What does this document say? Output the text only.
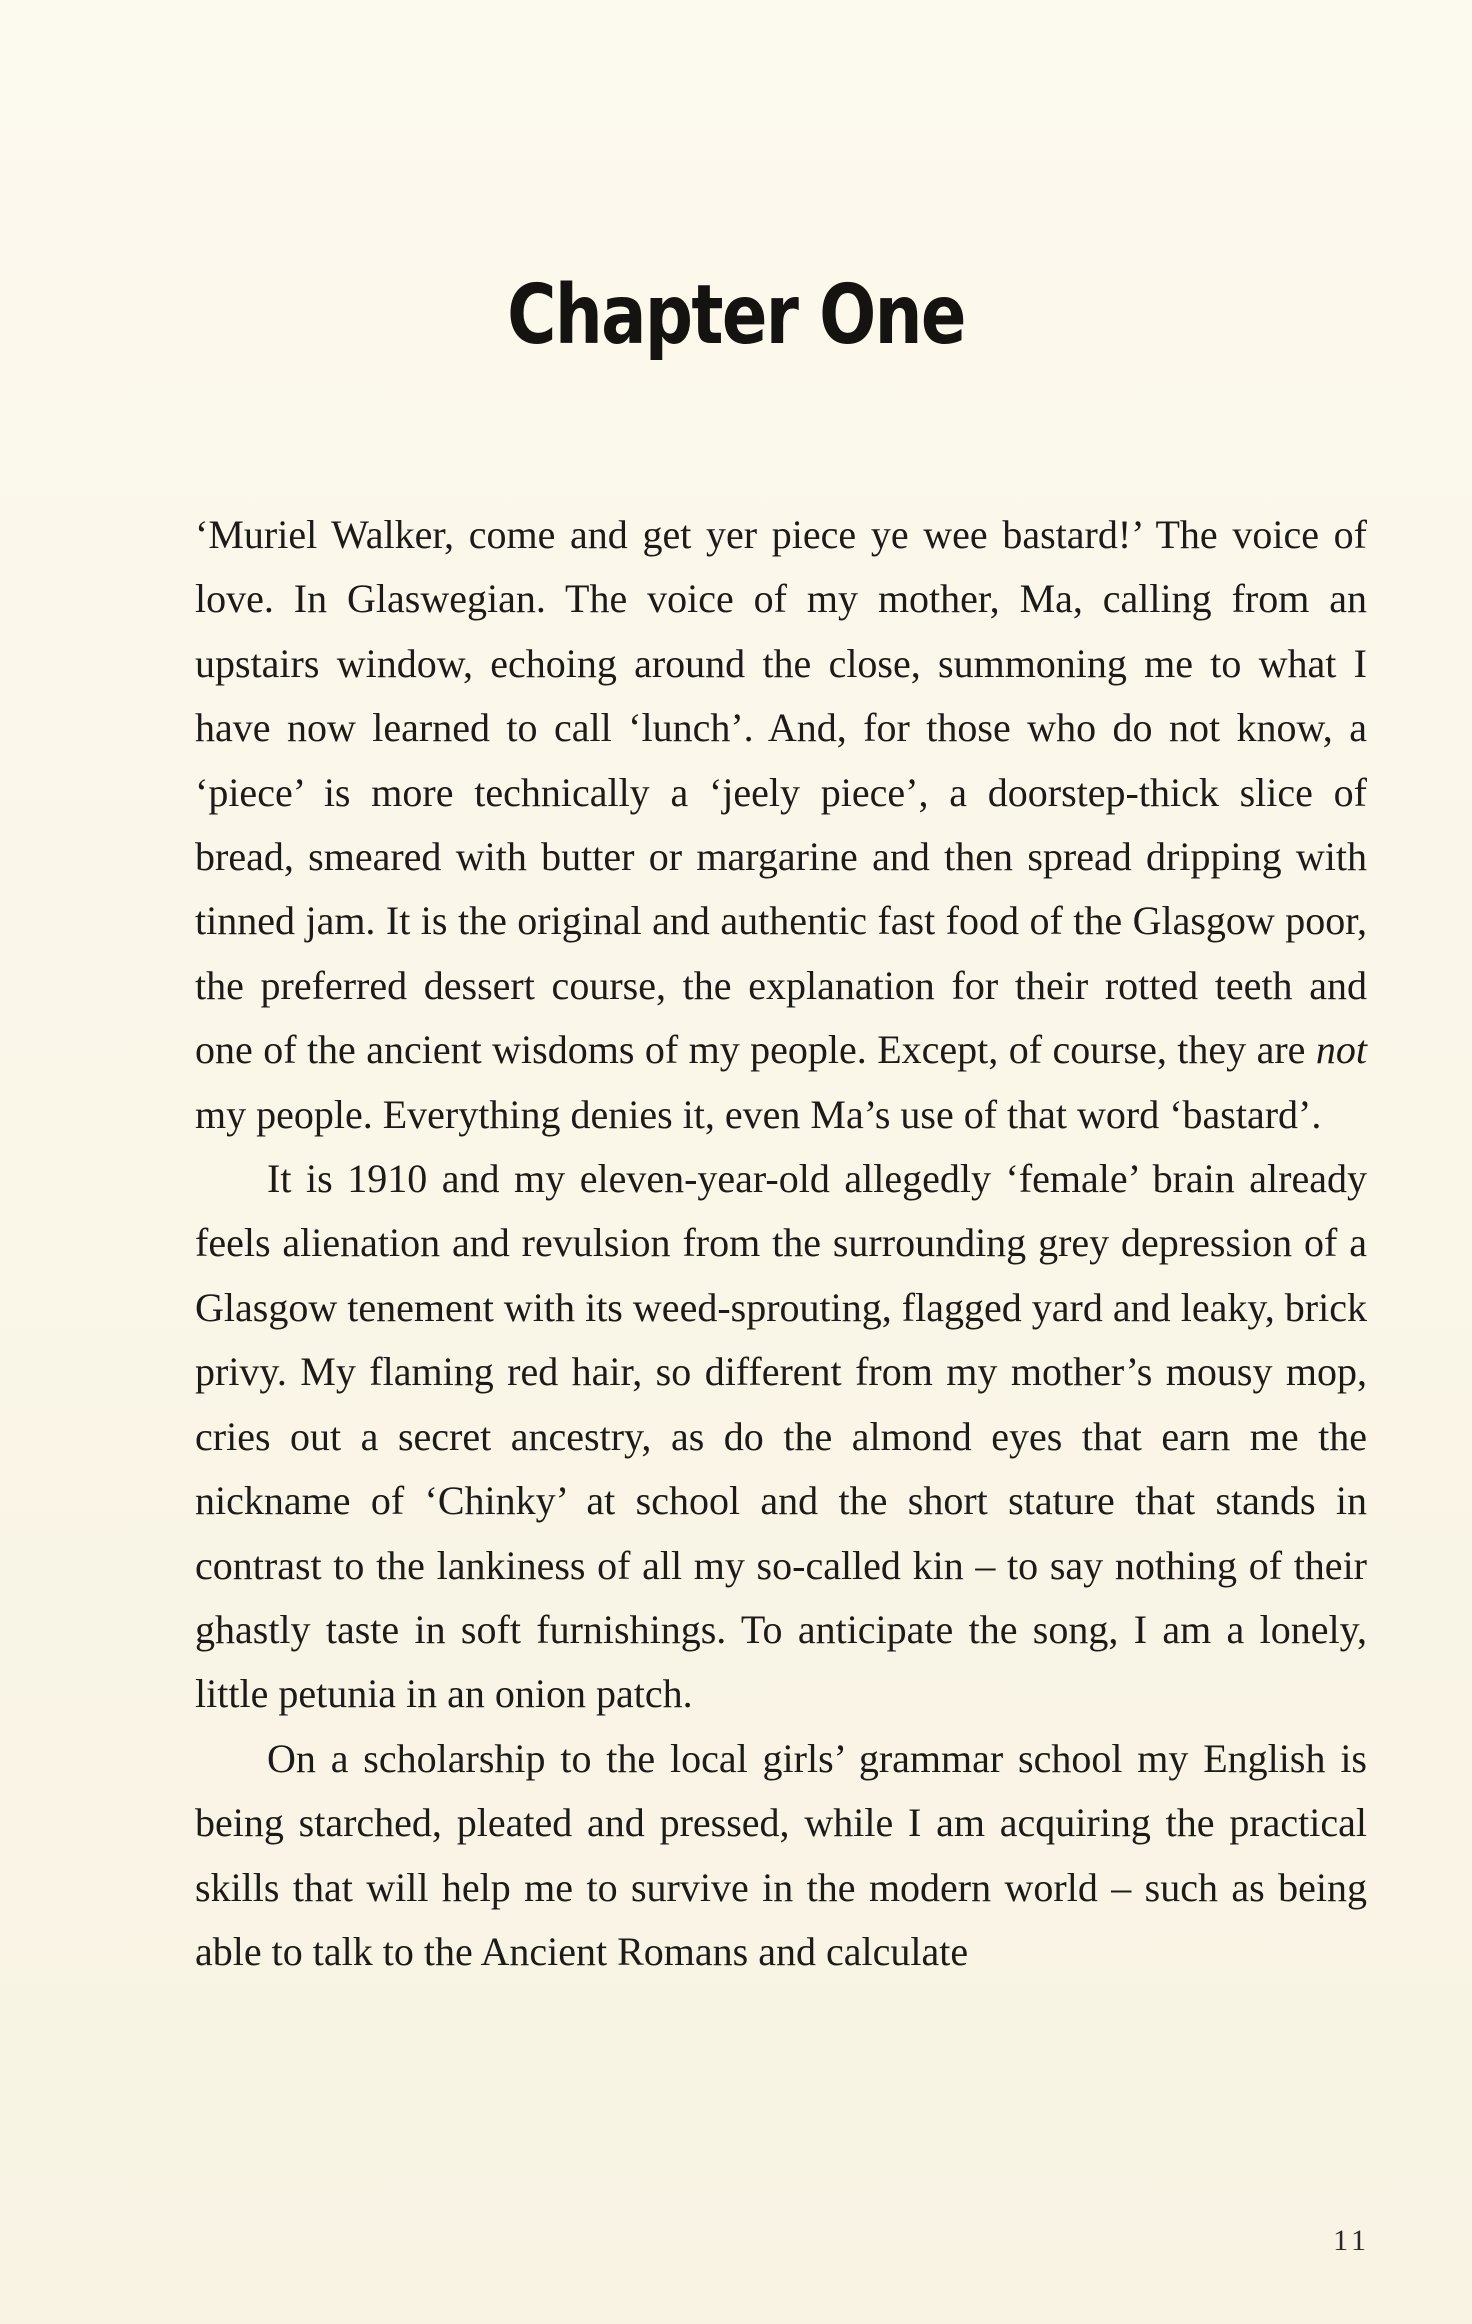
Chapter One

‘Muriel Walker, come and get yer piece ye wee bastard!’ The voice of love. In Glaswegian. The voice of my mother, Ma, calling from an upstairs window, echoing around the close, summoning me to what I have now learned to call ‘lunch’. And, for those who do not know, a ‘piece’ is more technically a ‘jeely piece’, a doorstep-thick slice of bread, smeared with butter or margarine and then spread dripping with tinned jam. It is the original and authentic fast food of the Glasgow poor, the preferred dessert course, the explanation for their rotted teeth and one of the ancient wisdoms of my people. Except, of course, they are not my people. Everything denies it, even Ma’s use of that word ‘bastard’.

It is 1910 and my eleven-year-old allegedly ‘female’ brain already feels alienation and revulsion from the surrounding grey depression of a Glasgow tenement with its weed-sprouting, flagged yard and leaky, brick privy. My flaming red hair, so different from my mother’s mousy mop, cries out a secret ancestry, as do the almond eyes that earn me the nickname of ‘Chinky’ at school and the short stature that stands in contrast to the lankiness of all my so-called kin – to say nothing of their ghastly taste in soft furnishings. To anticipate the song, I am a lonely, little petunia in an onion patch.

On a scholarship to the local girls’ grammar school my English is being starched, pleated and pressed, while I am acquiring the practical skills that will help me to survive in the modern world – such as being able to talk to the Ancient Romans and calculate

11
